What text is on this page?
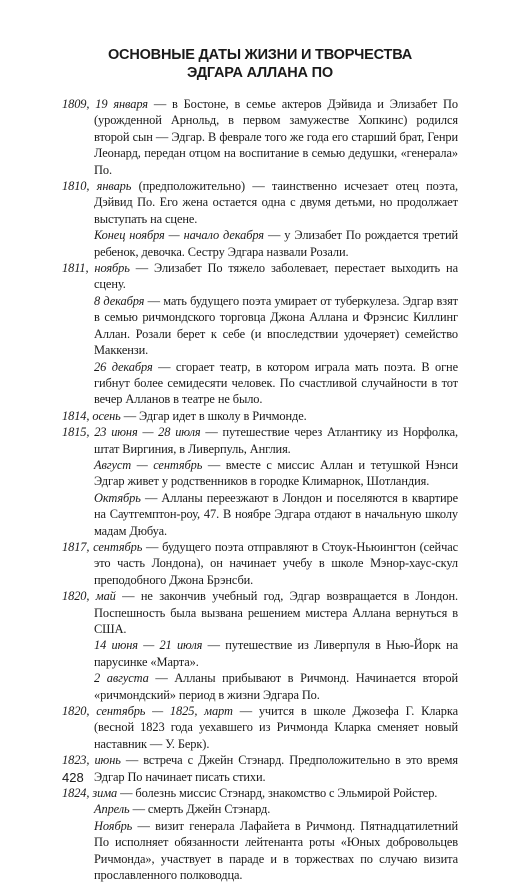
ОСНОВНЫЕ ДАТЫ ЖИЗНИ И ТВОРЧЕСТВА
ЭДГАРА АЛЛАНА ПО
1809, 19 января — в Бостоне, в семье актеров Дэйвида и Элизабет По (урожденной Арнольд, в первом замужестве Хопкинс) родился второй сын — Эдгар. В феврале того же года его старший брат, Генри Леонард, передан отцом на воспитание в семью дедушки, «генерала» По.
1810, январь (предположительно) — таинственно исчезает отец поэта, Дэйвид По. Его жена остается одна с двумя детьми, но продолжает выступать на сцене.
Конец ноября — начало декабря — у Элизабет По рождается третий ребенок, девочка. Сестру Эдгара назвали Розали.
1811, ноябрь — Элизабет По тяжело заболевает, перестает выходить на сцену.
8 декабря — мать будущего поэта умирает от туберкулеза. Эдгар взят в семью ричмондского торговца Джона Аллана и Фрэнсис Киллинг Аллан. Розали берет к себе (и впоследствии удочеряет) семейство Маккензи.
26 декабря — сгорает театр, в котором играла мать поэта. В огне гибнут более семидесяти человек. По счастливой случайности в тот вечер Алланов в театре не было.
1814, осень — Эдгар идет в школу в Ричмонде.
1815, 23 июня — 28 июля — путешествие через Атлантику из Норфолка, штат Виргиния, в Ливерпуль, Англия.
Август — сентябрь — вместе с миссис Аллан и тетушкой Нэнси Эдгар живет у родственников в городке Климарнок, Шотландия.
Октябрь — Алланы переезжают в Лондон и поселяются в квартире на Саутгемптон-роу, 47. В ноябре Эдгара отдают в начальную школу мадам Дюбуа.
1817, сентябрь — будущего поэта отправляют в Стоук-Ньюингтон (сейчас это часть Лондона), он начинает учебу в школе Мэнор-хаус-скул преподобного Джона Брэнсби.
1820, май — не закончив учебный год, Эдгар возвращается в Лондон. Поспешность была вызвана решением мистера Аллана вернуться в США.
14 июня — 21 июля — путешествие из Ливерпуля в Нью-Йорк на парусинке «Марта».
2 августа — Алланы прибывают в Ричмонд. Начинается второй «ричмондский» период в жизни Эдгара По.
1820, сентябрь — 1825, март — учится в школе Джозефа Г. Кларка (весной 1823 года уехавшего из Ричмонда Кларка сменяет новый наставник — У. Берк).
1823, июнь — встреча с Джейн Стэнард. Предположительно в это время Эдгар По начинает писать стихи.
1824, зима — болезнь миссис Стэнард, знакомство с Эльмирой Ройстер.
Апрель — смерть Джейн Стэнард.
Ноябрь — визит генерала Лафайета в Ричмонд. Пятнадцатилетний По исполняет обязанности лейтенанта роты «Юных добровольцев Ричмонда», участвует в параде и в торжествах по случаю визита прославленного полководца.
428
